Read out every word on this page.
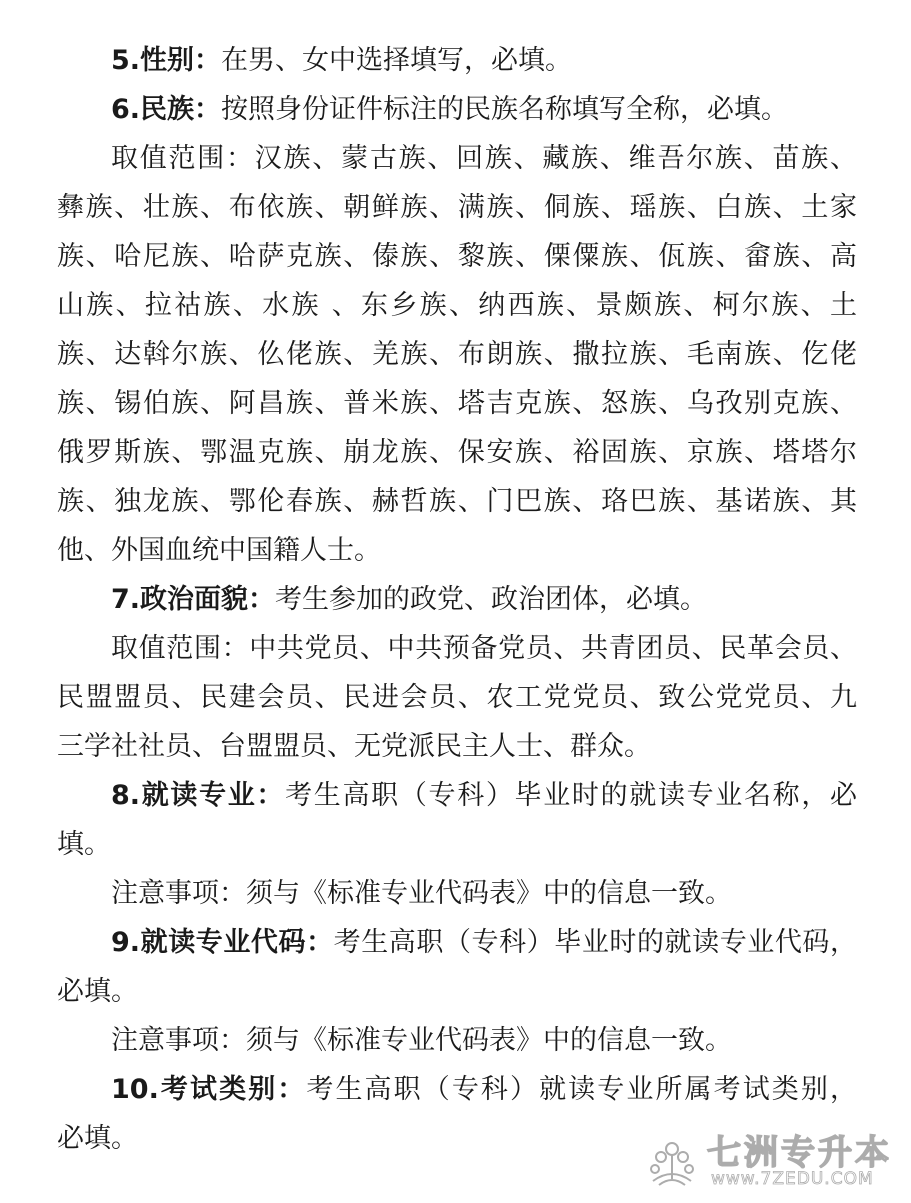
5.性别：在男、女中选择填写，必填。
6.民族：按照身份证件标注的民族名称填写全称，必填。
取值范围：汉族、蒙古族、回族、藏族、维吾尔族、苗族、
彝族、壮族、布依族、朝鲜族、满族、侗族、瑶族、白族、土家
族、哈尼族、哈萨克族、傣族、黎族、傈僳族、佤族、畲族、高
山族、拉祜族、水族 、东乡族、纳西族、景颇族、柯尔族、土
族、达斡尔族、仫佬族、羌族、布朗族、撒拉族、毛南族、仡佬
族、锡伯族、阿昌族、普米族、塔吉克族、怒族、乌孜别克族、
俄罗斯族、鄂温克族、崩龙族、保安族、裕固族、京族、塔塔尔
族、独龙族、鄂伦春族、赫哲族、门巴族、珞巴族、基诺族、其
他、外国血统中国籍人士。
7.政治面貌：考生参加的政党、政治团体，必填。
取值范围：中共党员、中共预备党员、共青团员、民革会员、
民盟盟员、民建会员、民进会员、农工党党员、致公党党员、九
三学社社员、台盟盟员、无党派民主人士、群众。
8.就读专业：考生高职（专科）毕业时的就读专业名称，必
填。
注意事项：须与《标准专业代码表》中的信息一致。
9.就读专业代码：考生高职（专科）毕业时的就读专业代码，
必填。
注意事项：须与《标准专业代码表》中的信息一致。
10.考试类别：考生高职（专科）就读专业所属考试类别，
必填。	七洲专升本
www.7ZEDU.COM
